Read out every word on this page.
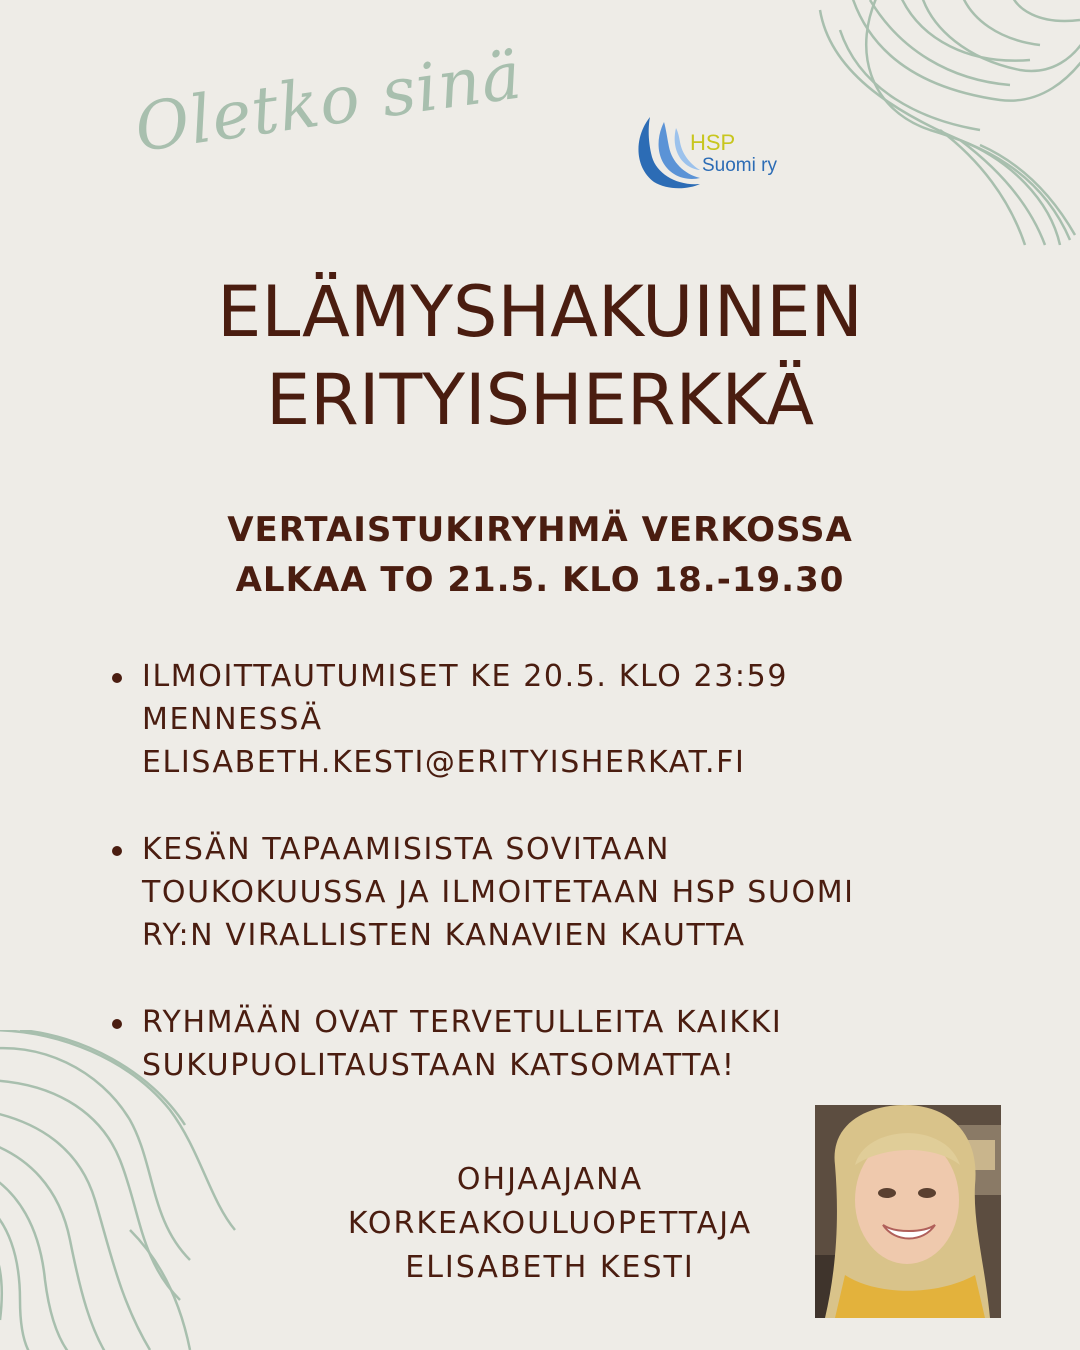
Oletko sinä	HSP
Suomi ry
ELÄMYSHAKUINEN
ERITYISHERKKÄ
VERTAISTUKIRYHMÄ VERKOSSA
ALKAA TO 21.5. KLO 18.-19.30
ILMOITTAUTUMISET KE 20.5. KLO 23:59
MENNESSÄ
ELISABETH.KESTI@ERITYISHERKAT.FI
KESÄN TAPAAMISISTA SOVITAAN
TOUKOKUUSSA JA ILMOITETAAN HSP SUOMI
RY:N VIRALLISTEN KANAVIEN KAUTTA
RYHMÄÄN OVAT TERVETULLEITA KAIKKI
SUKUPUOLITAUSTAAN KATSOMATTA!

OHJAAJANA
KORKEAKOULUOPETTAJA
ELISABETH KESTI
